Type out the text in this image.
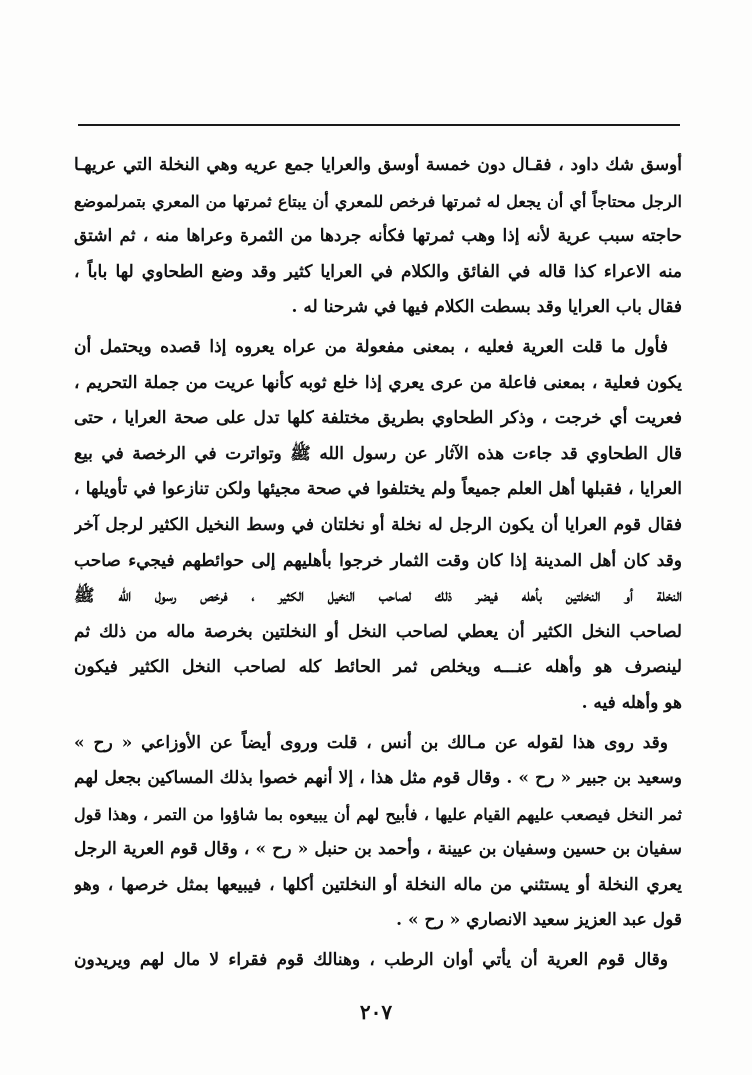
أوسق شك داود ، فقـال دون خمسة أوسق والعرايا جمع عريه وهي النخلة التي عريهـا
الرجل محتاجاً أي أن يجعل له ثمرتها فرخص للمعري أن يبتاع ثمرتها من المعري بتمرلموضع
حاجته سبب عرية لأنه إذا وهب ثمرتها فكأنه جردها من الثمرة وعراها منه ، ثم اشتق
منه الاعراء كذا قاله في الفائق والكلام في العرايا كثير وقد وضع الطحاوي لها باباً ،
فقال باب العرايا وقد بسطت الكلام فيها في شرحنا له .
فأول ما قلت العرية فعليه ، بمعنى مفعولة من عراه يعروه إذا قصده ويحتمل أن
يكون فعلية ، بمعنى فاعلة من عرى يعري إذا خلع ثوبه كأنها عريت من جملة التحريم ،
فعريت أي خرجت ، وذكر الطحاوي بطريق مختلفة كلها تدل على صحة العرايا ، حتى
قال الطحاوي قد جاءت هذه الآثار عن رسول الله ﷺ وتواترت في الرخصة في بيع
العرايا ، فقبلها أهل العلم جميعاً ولم يختلفوا في صحة مجيئها ولكن تنازعوا في تأويلها ،
فقال قوم العرايا أن يكون الرجل له نخلة أو نخلتان في وسط النخيل الكثير لرجل آخر
وقد كان أهل المدينة إذا كان وقت الثمار خرجوا بأهليهم إلى حوائطهم فيجيء صاحب
النخلة أو النخلتين بأهله فيضر ذلك لصاحب النخيل الكثير ، فرخص رسول الله ﷺ
لصاحب النخل الكثير أن يعطي لصاحب النخل أو النخلتين بخرصة ماله من ذلك ثم
لينصرف هو وأهله عنـــه ويخلص ثمر الحائط كله لصاحب النخل الكثير فيكون
هو وأهله فيه .
وقد روى هذا لقوله عن مـالك بن أنس ، قلت وروى أيضاً عن الأوزاعي « رح »
وسعيد بن جبير « رح » . وقال قوم مثل هذا ، إلا أنهم خصوا بذلك المساكين بجعل لهم
ثمر النخل فيصعب عليهم القيام عليها ، فأبيح لهم أن يبيعوه بما شاؤوا من التمر ، وهذا قول
سفيان بن حسين وسفيان بن عيينة ، وأحمد بن حنبل « رح » ، وقال قوم العرية الرجل
يعري النخلة أو يستثني من ماله النخلة أو النخلتين أكلها ، فيبيعها بمثل خرصها ، وهو
قول عبد العزيز سعيد الانصاري « رح » .
وقال قوم العرية أن يأتي أوان الرطب ، وهنالك قوم فقراء لا مال لهم ويريدون
٢٠٧
